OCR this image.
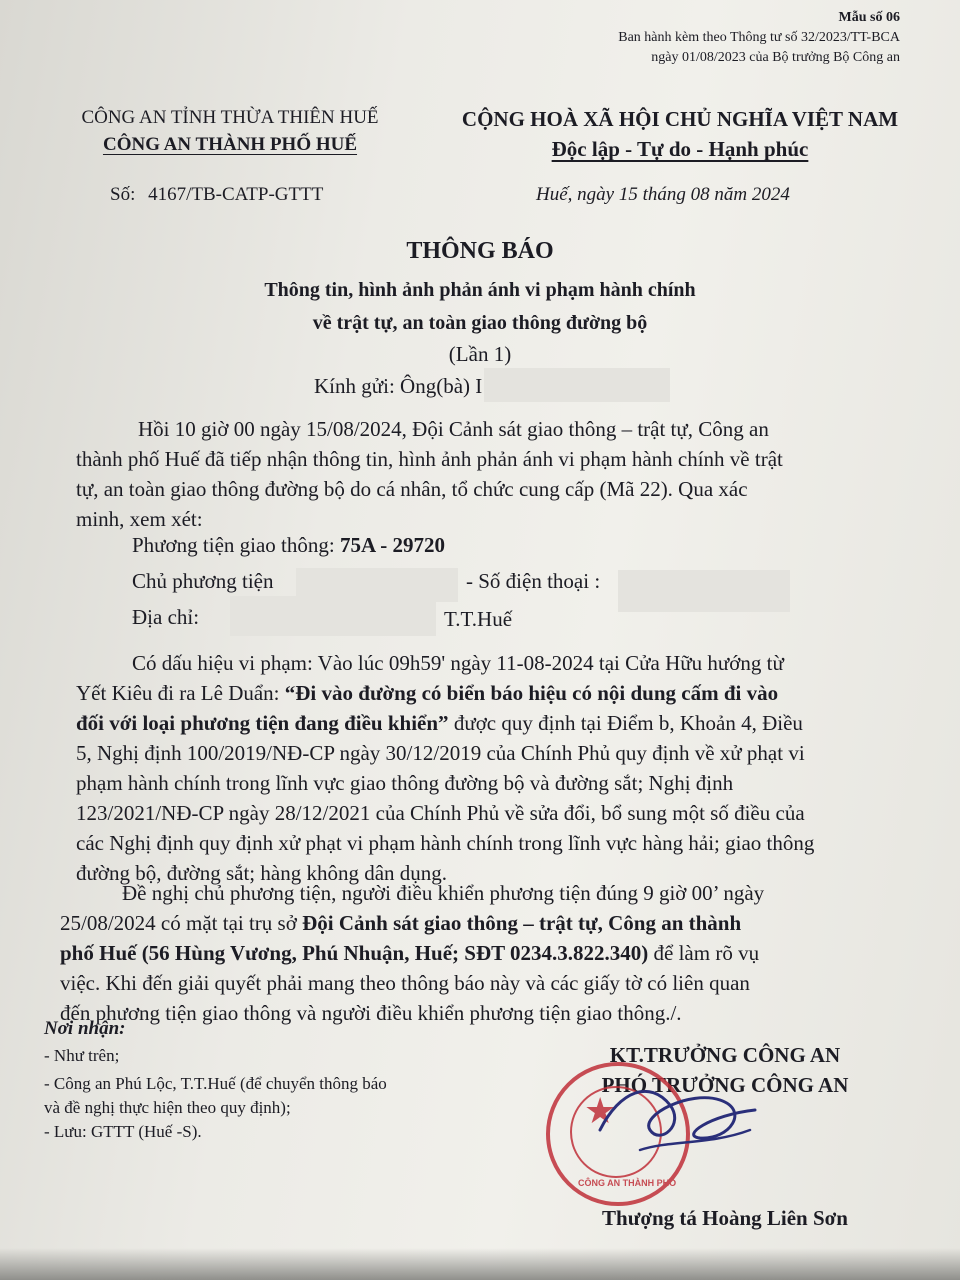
Mẫu số 06
Ban hành kèm theo Thông tư số 32/2023/TT-BCA
ngày 01/08/2023 của Bộ trưởng Bộ Công an
CÔNG AN TỈNH THỪA THIÊN HUẾ
CÔNG AN THÀNH PHỐ HUẾ
CỘNG HOÀ XÃ HỘI CHỦ NGHĨA VIỆT NAM
Độc lập - Tự do - Hạnh phúc
Số: 4167/TB-CATP-GTTT	Huế, ngày 15 tháng 08 năm 2024
THÔNG BÁO
Thông tin, hình ảnh phản ánh vi phạm hành chính
về trật tự, an toàn giao thông đường bộ
(Lần 1)
Kính gửi: Ông(bà) I
Hồi 10 giờ 00 ngày 15/08/2024, Đội Cảnh sát giao thông – trật tự, Công an
thành phố Huế đã tiếp nhận thông tin, hình ảnh phản ánh vi phạm hành chính về trật
tự, an toàn giao thông đường bộ do cá nhân, tổ chức cung cấp (Mã 22). Qua xác
minh, xem xét:
Phương tiện giao thông: 75A - 29720
Chủ phương tiện	- Số điện thoại :
Địa chỉ:	T.T.Huế
Có dấu hiệu vi phạm: Vào lúc 09h59' ngày 11-08-2024 tại Cửa Hữu hướng từ
Yết Kiêu đi ra Lê Duẩn: “Đi vào đường có biển báo hiệu có nội dung cấm đi vào
đối với loại phương tiện đang điều khiển” được quy định tại Điểm b, Khoản 4, Điều
5, Nghị định 100/2019/NĐ-CP ngày 30/12/2019 của Chính Phủ quy định về xử phạt vi
phạm hành chính trong lĩnh vực giao thông đường bộ và đường sắt; Nghị định
123/2021/NĐ-CP ngày 28/12/2021 của Chính Phủ về sửa đổi, bổ sung một số điều của
các Nghị định quy định xử phạt vi phạm hành chính trong lĩnh vực hàng hải; giao thông
đường bộ, đường sắt; hàng không dân dụng.
Đề nghị chủ phương tiện, người điều khiển phương tiện đúng 9 giờ 00’ ngày
25/08/2024 có mặt tại trụ sở Đội Cảnh sát giao thông – trật tự, Công an thành
phố Huế (56 Hùng Vương, Phú Nhuận, Huế; SĐT 0234.3.822.340) để làm rõ vụ
việc. Khi đến giải quyết phải mang theo thông báo này và các giấy tờ có liên quan
đến phương tiện giao thông và người điều khiển phương tiện giao thông./.
Nơi nhận:
- Như trên;
- Công an Phú Lộc, T.T.Huế (để chuyển thông báo
và đề nghị thực hiện theo quy định);
- Lưu: GTTT (Huế -S).
KT.TRƯỞNG CÔNG AN
PHÓ TRƯỞNG CÔNG AN
★
CÔNG AN THÀNH PHỐ
Thượng tá Hoàng Liên Sơn
